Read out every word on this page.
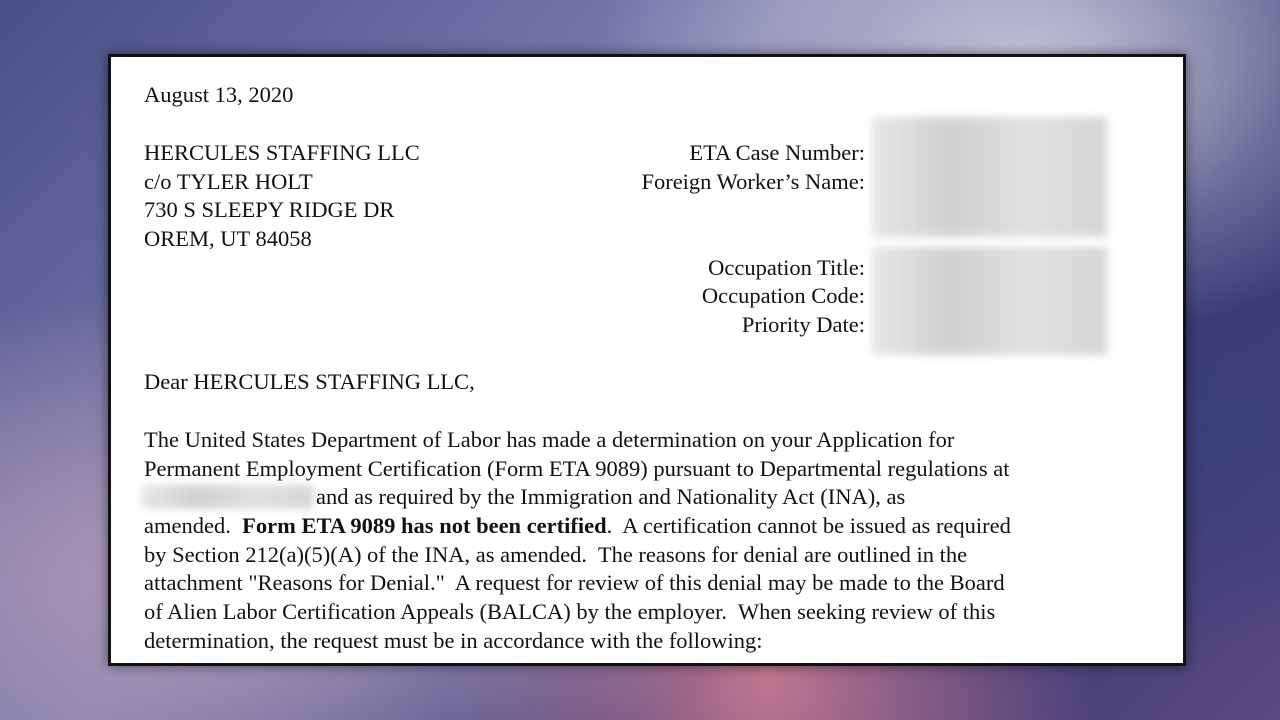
August 13, 2020
HERCULES STAFFING LLC
c/o TYLER HOLT
730 S SLEEPY RIDGE DR
OREM, UT 84058
ETA Case Number:
Foreign Worker’s Name:
Occupation Title:
Occupation Code:
Priority Date:
Dear HERCULES STAFFING LLC,
The United States Department of Labor has made a determination on your Application for
Permanent Employment Certification (Form ETA 9089) pursuant to Departmental regulations at
and as required by the Immigration and Nationality Act (INA), as
amended.  Form ETA 9089 has not been certified.  A certification cannot be issued as required
by Section 212(a)(5)(A) of the INA, as amended.  The reasons for denial are outlined in the
attachment "Reasons for Denial."  A request for review of this denial may be made to the Board
of Alien Labor Certification Appeals (BALCA) by the employer.  When seeking review of this
determination, the request must be in accordance with the following:
